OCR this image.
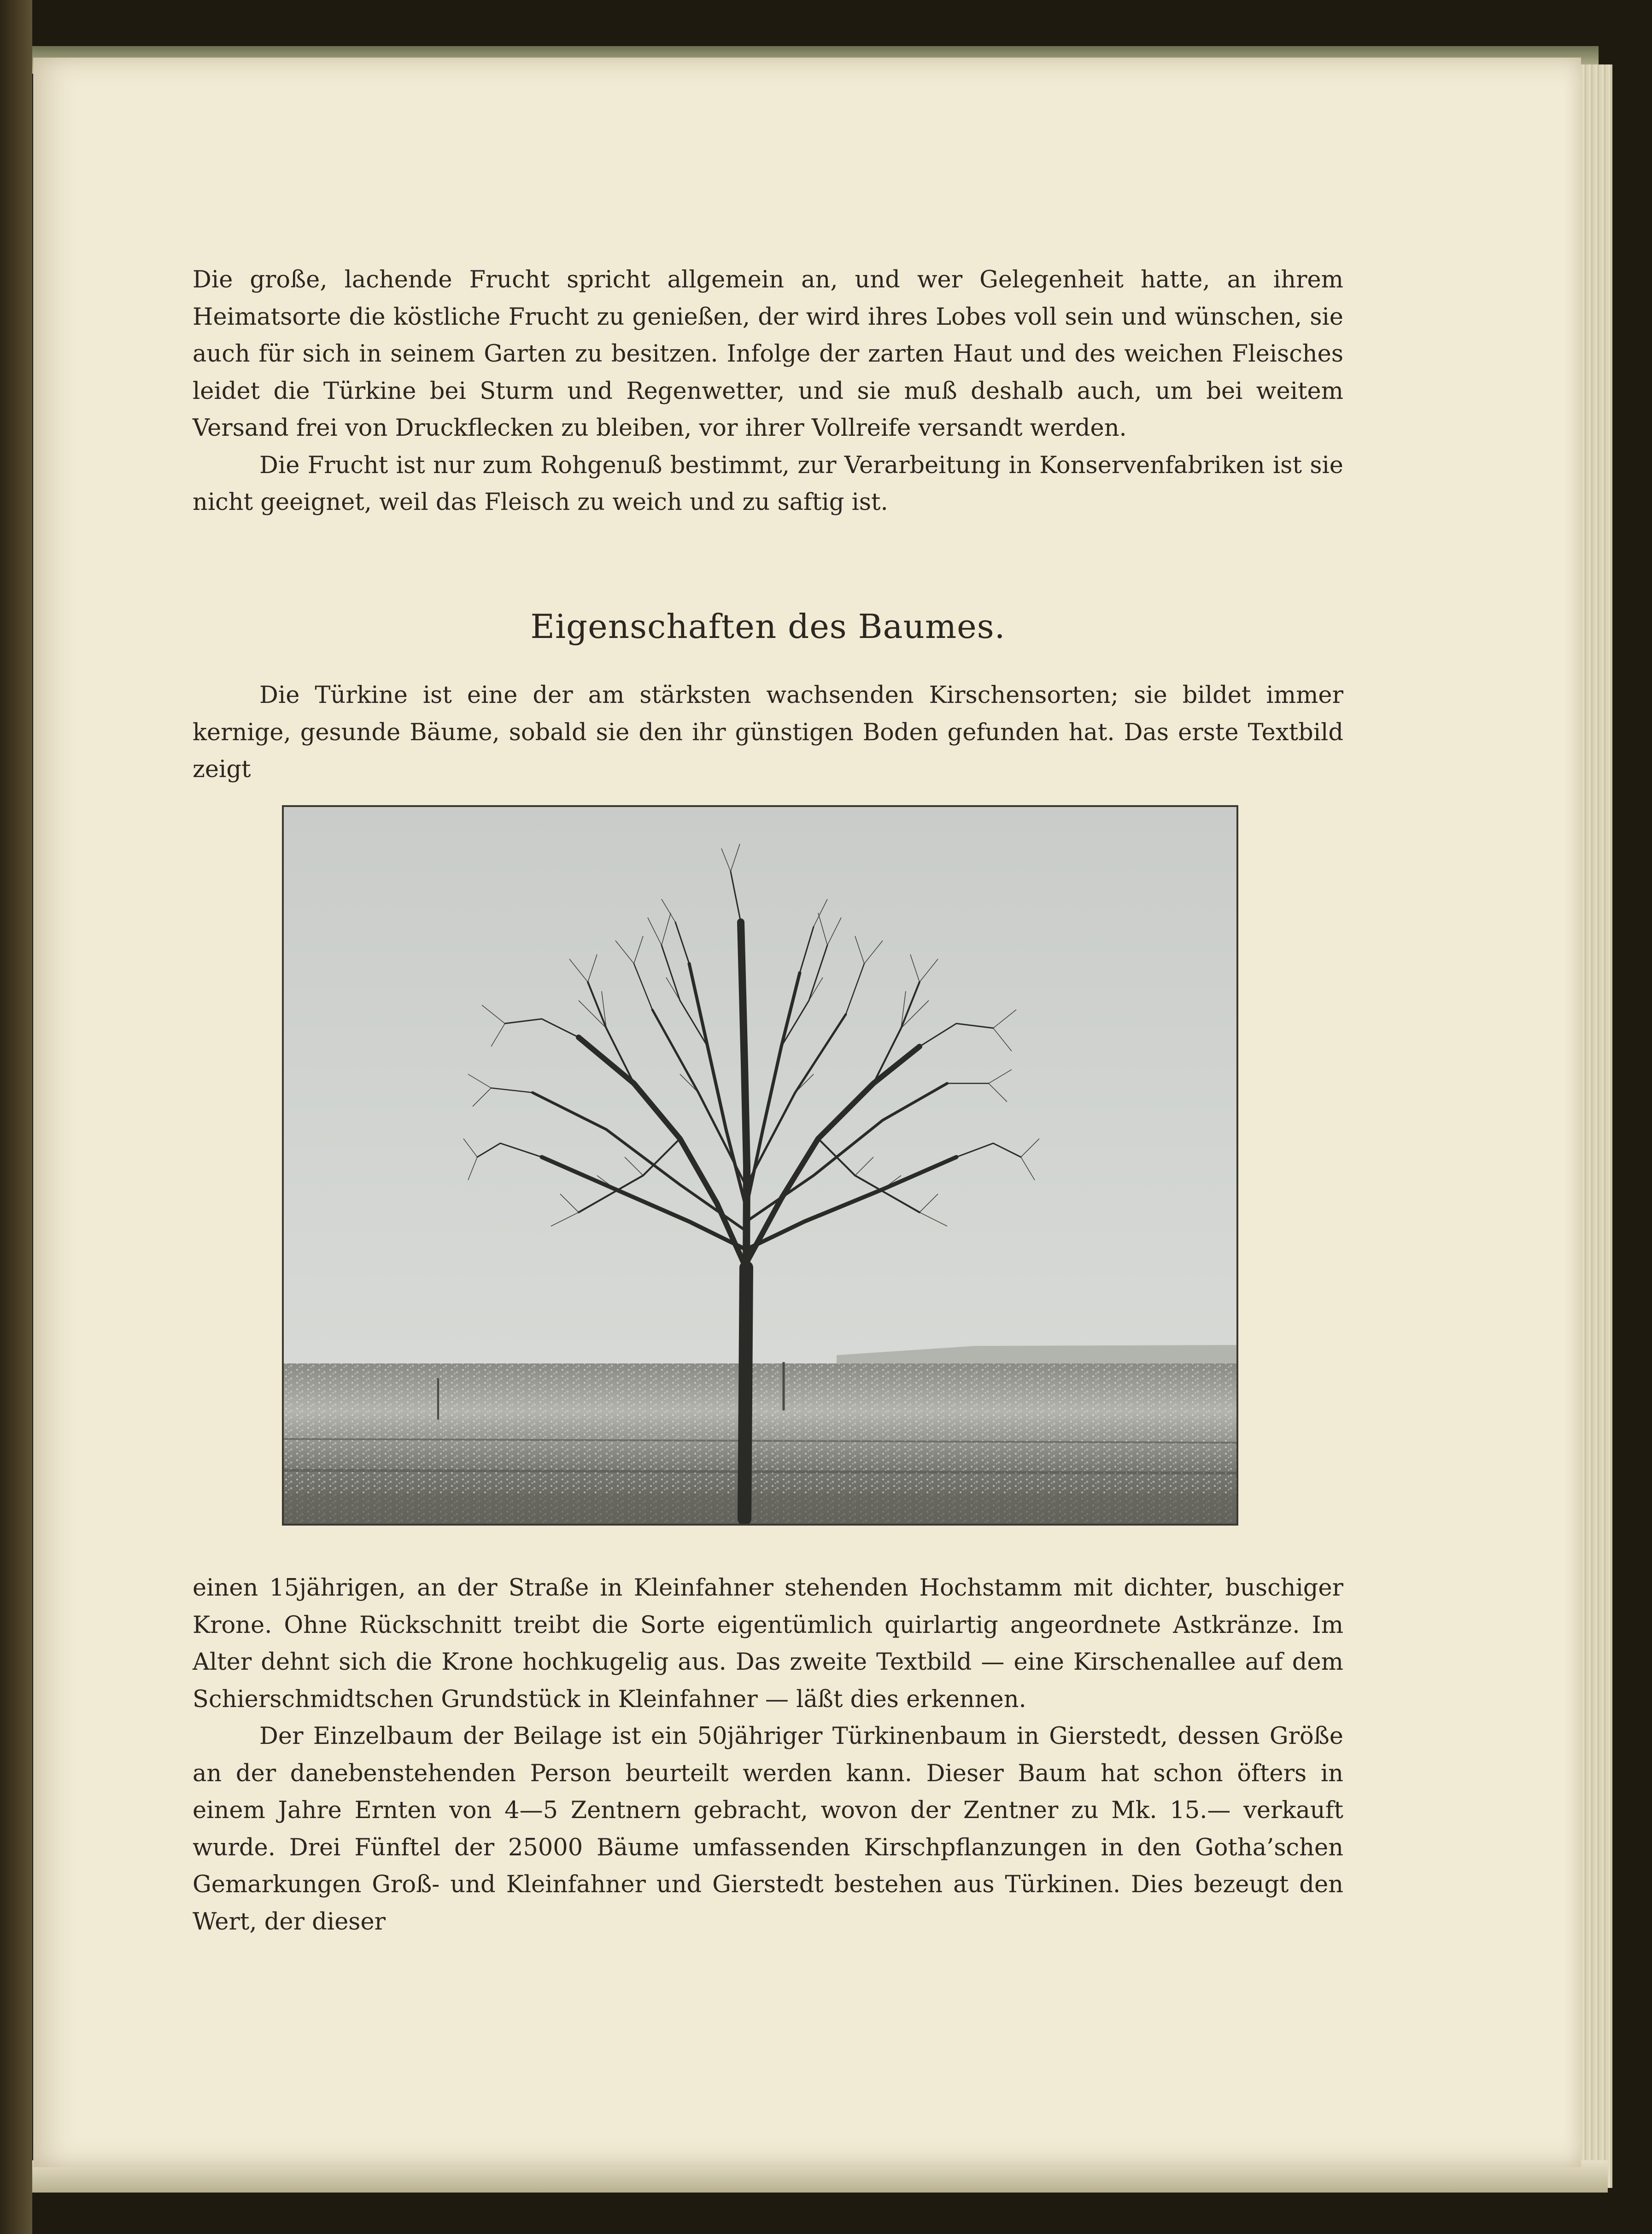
Die große, lachende Frucht spricht allgemein an, und wer Gelegenheit hatte, an ihrem Heimatsorte die köstliche Frucht zu genießen, der wird ihres Lobes voll sein und wünschen, sie auch für sich in seinem Garten zu besitzen. Infolge der zarten Haut und des weichen Fleisches leidet die Türkine bei Sturm und Regenwetter, und sie muß deshalb auch, um bei weitem Versand frei von Druckflecken zu bleiben, vor ihrer Vollreife versandt werden.

Die Frucht ist nur zum Rohgenuß bestimmt, zur Verarbeitung in Konservenfabriken ist sie nicht geeignet, weil das Fleisch zu weich und zu saftig ist.

Eigenschaften des Baumes.

Die Türkine ist eine der am stärksten wachsenden Kirschensorten; sie bildet immer kernige, gesunde Bäume, sobald sie den ihr günstigen Boden gefunden hat. Das erste Textbild zeigt

einen 15jährigen, an der Straße in Kleinfahner stehenden Hochstamm mit dichter, buschiger Krone. Ohne Rückschnitt treibt die Sorte eigentümlich quirlartig angeordnete Astkränze. Im Alter dehnt sich die Krone hochkugelig aus. Das zweite Textbild — eine Kirschenallee auf dem Schierschmidtschen Grundstück in Kleinfahner — läßt dies erkennen.

Der Einzelbaum der Beilage ist ein 50jähriger Türkinenbaum in Gierstedt, dessen Größe an der danebenstehenden Person beurteilt werden kann. Dieser Baum hat schon öfters in einem Jahre Ernten von 4—5 Zentnern gebracht, wovon der Zentner zu Mk. 15.— verkauft wurde. Drei Fünftel der 25000 Bäume umfassenden Kirschpflanzungen in den Gotha’schen Gemarkungen Groß- und Kleinfahner und Gierstedt bestehen aus Türkinen. Dies bezeugt den Wert, der dieser
